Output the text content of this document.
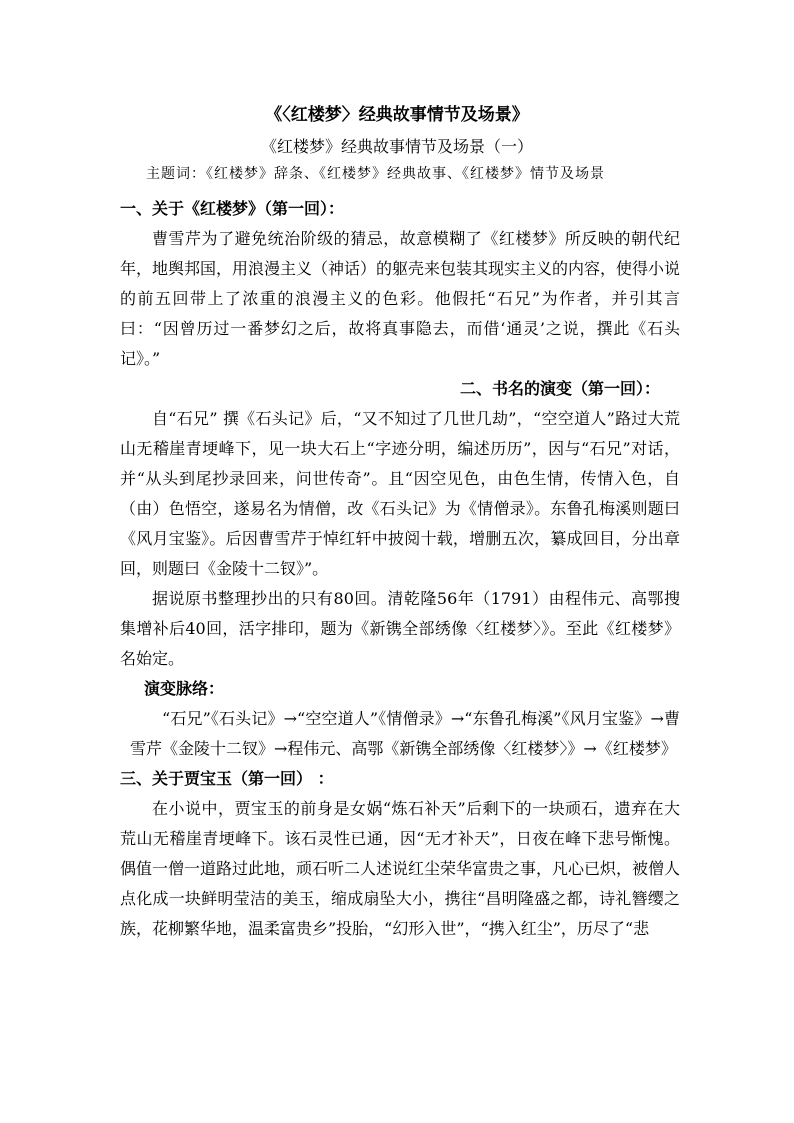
《〈红楼梦〉经典故事情节及场景》
《红楼梦》经典故事情节及场景（一）
主题词：《红楼梦》辞条、《红楼梦》经典故事、《红楼梦》情节及场景
一、关于《红楼梦》（第一回）：
曹雪芹为了避免统治阶级的猜忌，故意模糊了《红楼梦》所反映的朝代纪年，地舆邦国，用浪漫主义（神话）的躯壳来包装其现实主义的内容，使得小说的前五回带上了浓重的浪漫主义的色彩。他假托“石兄”为作者，并引其言曰：“因曾历过一番梦幻之后，故将真事隐去，而借‘通灵’之说，撰此《石头记》。”
二、书名的演变（第一回）：
自“石兄” 撰《石头记》后，“又不知过了几世几劫”，“空空道人”路过大荒山无稽崖青埂峰下，见一块大石上“字迹分明，编述历历”，因与“石兄”对话，并“从头到尾抄录回来，问世传奇”。且“因空见色，由色生情，传情入色，自（由）色悟空，遂易名为情僧，改《石头记》为《情僧录》。东鲁孔梅溪则题曰《风月宝鉴》。后因曹雪芹于悼红轩中披阅十载，增删五次，纂成回目，分出章回，则题曰《金陵十二钗》”。
据说原书整理抄出的只有80回。清乾隆56年（1791）由程伟元、高鄂搜集增补后40回，活字排印，题为《新镌全部绣像〈红楼梦〉》。至此《红楼梦》名始定。
演变脉络：
“石兄”《石头记》→“空空道人”《情僧录》→“东鲁孔梅溪”《风月宝鉴》→曹雪芹《金陵十二钗》→程伟元、高鄂《新镌全部绣像〈红楼梦〉》→《红楼梦》
三、关于贾宝玉（第一回） ：
在小说中，贾宝玉的前身是女娲“炼石补天”后剩下的一块顽石，遗弃在大荒山无稽崖青埂峰下。该石灵性已通，因“无才补天”，日夜在峰下悲号惭愧。偶值一僧一道路过此地，顽石听二人述说红尘荣华富贵之事，凡心已炽，被僧人点化成一块鲜明莹洁的美玉，缩成扇坠大小，携往“昌明隆盛之都，诗礼簪缨之族，花柳繁华地，温柔富贵乡”投胎，“幻形入世”，“携入红尘”，历尽了“悲
